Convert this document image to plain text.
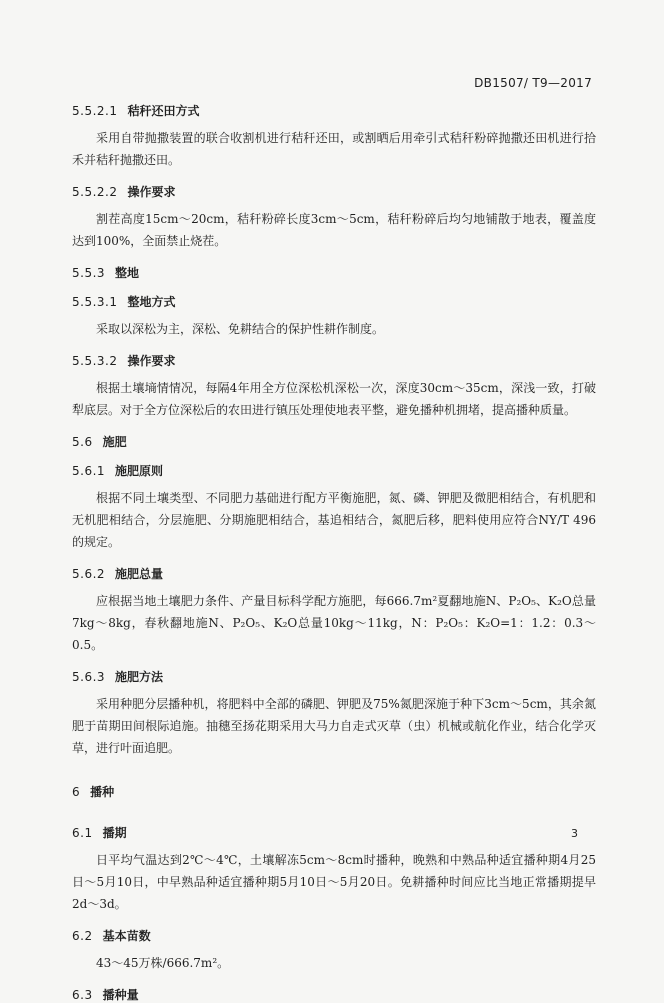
DB1507/ T9—2017
5.5.2.1 秸秆还田方式

采用自带抛撒装置的联合收割机进行秸秆还田，或割晒后用牵引式秸秆粉碎抛撒还田机进行拾禾并秸秆抛撒还田。

5.5.2.2 操作要求

割茬高度15cm～20cm，秸秆粉碎长度3cm～5cm，秸秆粉碎后均匀地铺散于地表，覆盖度达到100%，全面禁止烧茬。

5.5.3 整地
5.5.3.1 整地方式

采取以深松为主，深松、免耕结合的保护性耕作制度。

5.5.3.2 操作要求

根据土壤墒情情况，每隔4年用全方位深松机深松一次，深度30cm～35cm，深浅一致，打破犁底层。对于全方位深松后的农田进行镇压处理使地表平整，避免播种机拥堵，提高播种质量。

5.6 施肥
5.6.1 施肥原则

根据不同土壤类型、不同肥力基础进行配方平衡施肥，氮、磷、钾肥及微肥相结合，有机肥和无机肥相结合，分层施肥、分期施肥相结合，基追相结合，氮肥后移，肥料使用应符合NY/T 496的规定。

5.6.2 施肥总量

应根据当地土壤肥力条件、产量目标科学配方施肥，每666.7m²夏翻地施N、P₂O₅、K₂O总量7kg～8kg，春秋翻地施N、P₂O₅、K₂O总量10kg～11kg，N：P₂O₅：K₂O=1：1.2：0.3～0.5。

5.6.3 施肥方法

采用种肥分层播种机，将肥料中全部的磷肥、钾肥及75%氮肥深施于种下3cm～5cm，其余氮肥于苗期田间根际追施。抽穗至扬花期采用大马力自走式灭草（虫）机械或航化作业，结合化学灭草，进行叶面追肥。

6 播种
6.1 播期

日平均气温达到2℃～4℃，土壤解冻5cm～8cm时播种，晚熟和中熟品种适宜播种期4月25日～5月10日，中早熟品种适宜播种期5月10日～5月20日。免耕播种时间应比当地正常播期提早2d～3d。

6.2 基本苗数

43～45万株/666.7m²。

6.3 播种量
3
